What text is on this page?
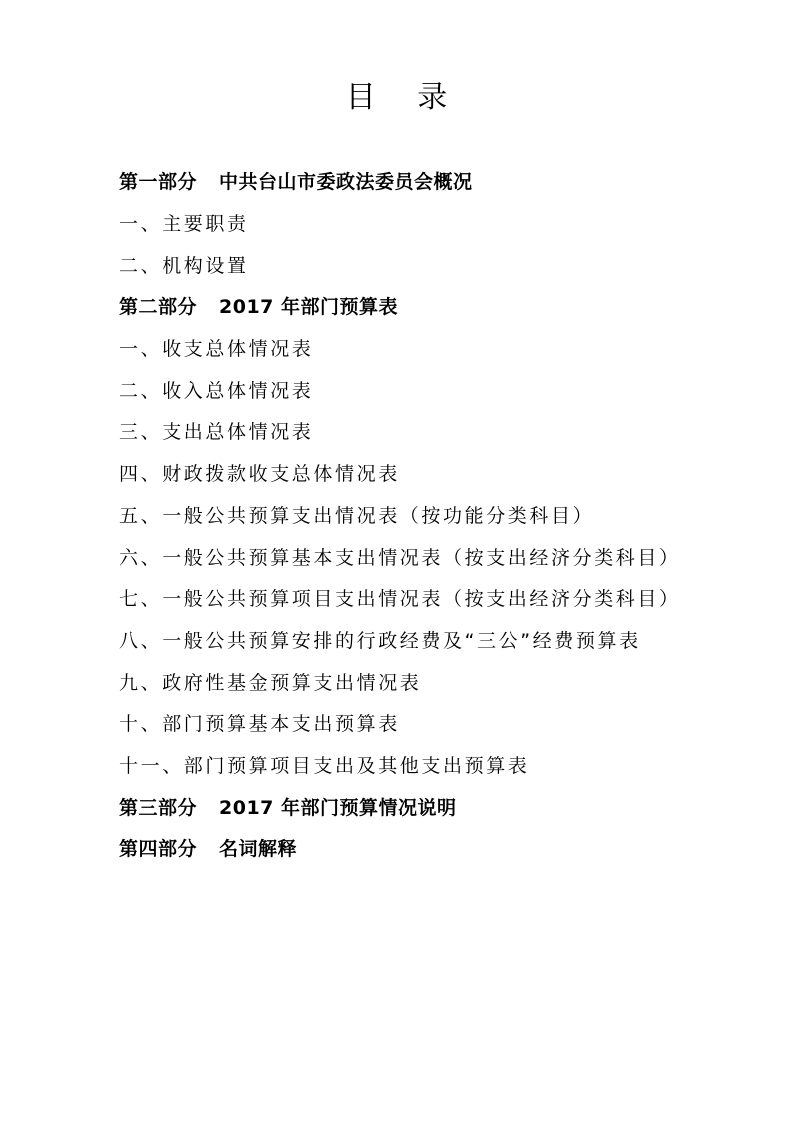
目 录
第一部分 中共台山市委政法委员会概况
一、主要职责
二、机构设置
第二部分 2017 年部门预算表
一、收支总体情况表
二、收入总体情况表
三、支出总体情况表
四、财政拨款收支总体情况表
五、一般公共预算支出情况表（按功能分类科目）
六、一般公共预算基本支出情况表（按支出经济分类科目）
七、一般公共预算项目支出情况表（按支出经济分类科目）
八、一般公共预算安排的行政经费及“三公”经费预算表
九、政府性基金预算支出情况表
十、部门预算基本支出预算表
十一、部门预算项目支出及其他支出预算表
第三部分 2017 年部门预算情况说明
第四部分 名词解释
